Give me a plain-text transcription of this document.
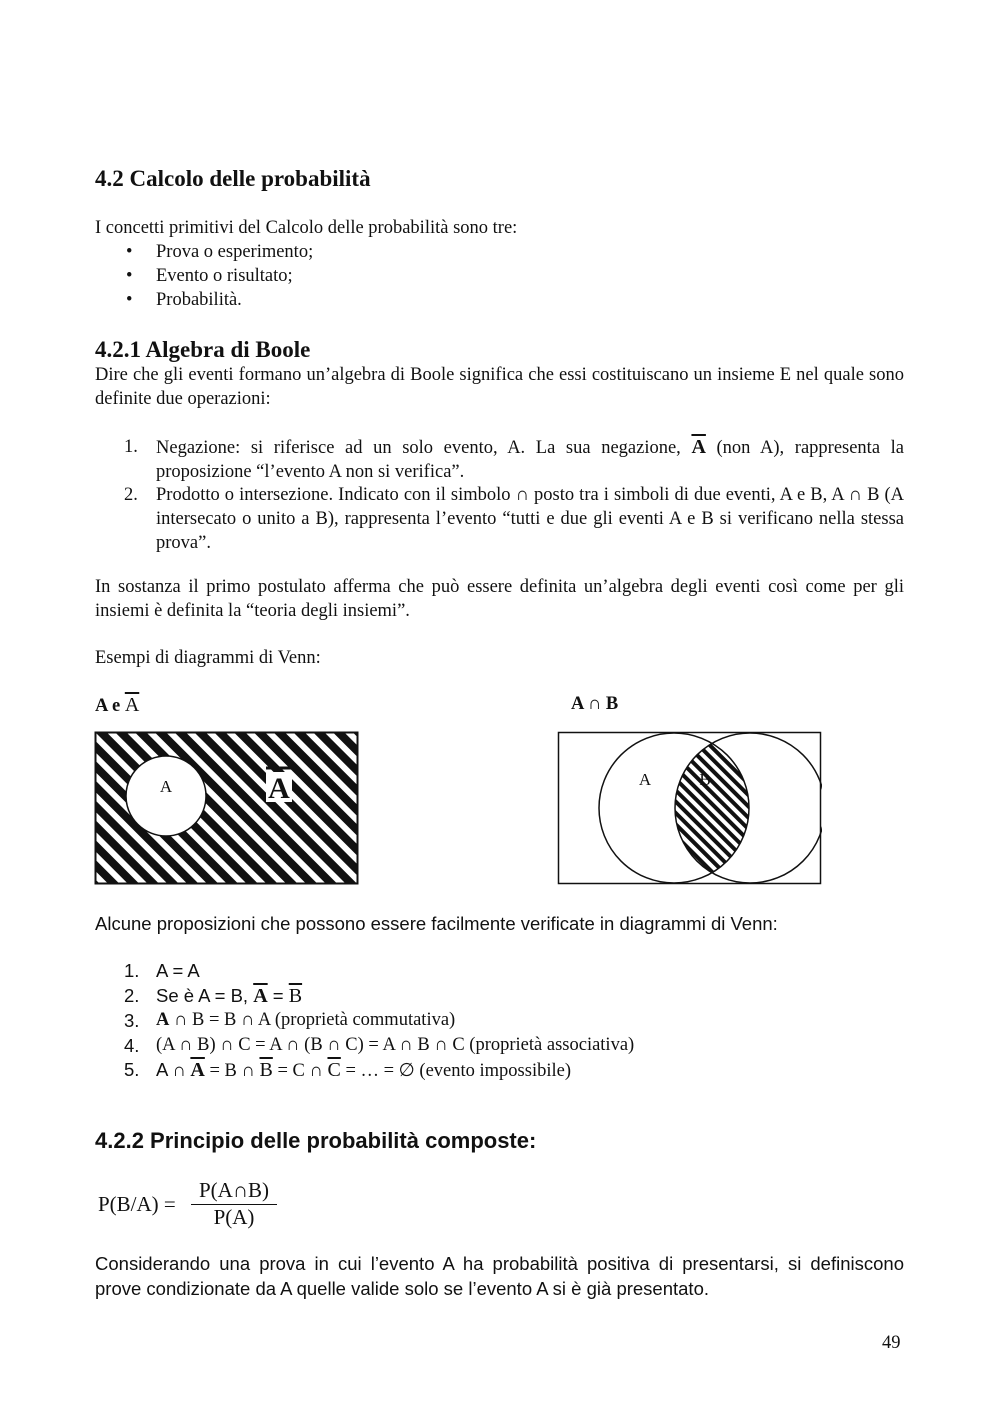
4.2 Calcolo delle probabilità
I concetti primitivi del Calcolo delle probabilità sono tre:
• Prova o esperimento;
• Evento o risultato;
• Probabilità.
4.2.1 Algebra di Boole
Dire che gli eventi formano un’algebra di Boole significa che essi costituiscano un insieme E nel quale sono definite due operazioni:
1. Negazione: si riferisce ad un solo evento, A. La sua negazione, $\overline{A}$ (non A), rappresenta la proposizione “l’evento A non si verifica”.
2. Prodotto o intersezione. Indicato con il simbolo ∩ posto tra i simboli di due eventi, A e B, A ∩ B (A intersecato o unito a B), rappresenta l’evento “tutti e due gli eventi A e B si verificano nella stessa prova”.
In sostanza il primo postulato afferma che può essere definita un’algebra degli eventi così come per gli insiemi è definita la “teoria degli insiemi”.
Esempi di diagrammi di Venn:
A e $\overline{A}$	A ∩ B
A	A	A	B
Alcune proposizioni che possono essere facilmente verificate in diagrammi di Venn:
1. A = A
2. Se è A = B, $\overline{A} = \overline{B}$
3. A ∩ B = B ∩ A (proprietà commutativa)
4. (A ∩ B) ∩ C = A ∩ (B ∩ C) = A ∩ B ∩ C (proprietà associativa)
5. A ∩ $\overline{A} = B$ ∩ $\overline{B} = C$ ∩ $\overline{C}$ = … = ∅ (evento impossibile)
4.2.2 Principio delle probabilità composte:
P(B/A) =
P(A∩B)
P(A)
Considerando una prova in cui l’evento A ha probabilità positiva di presentarsi, si definiscono prove condizionate da A quelle valide solo se l’evento A si è già presentato.
49
